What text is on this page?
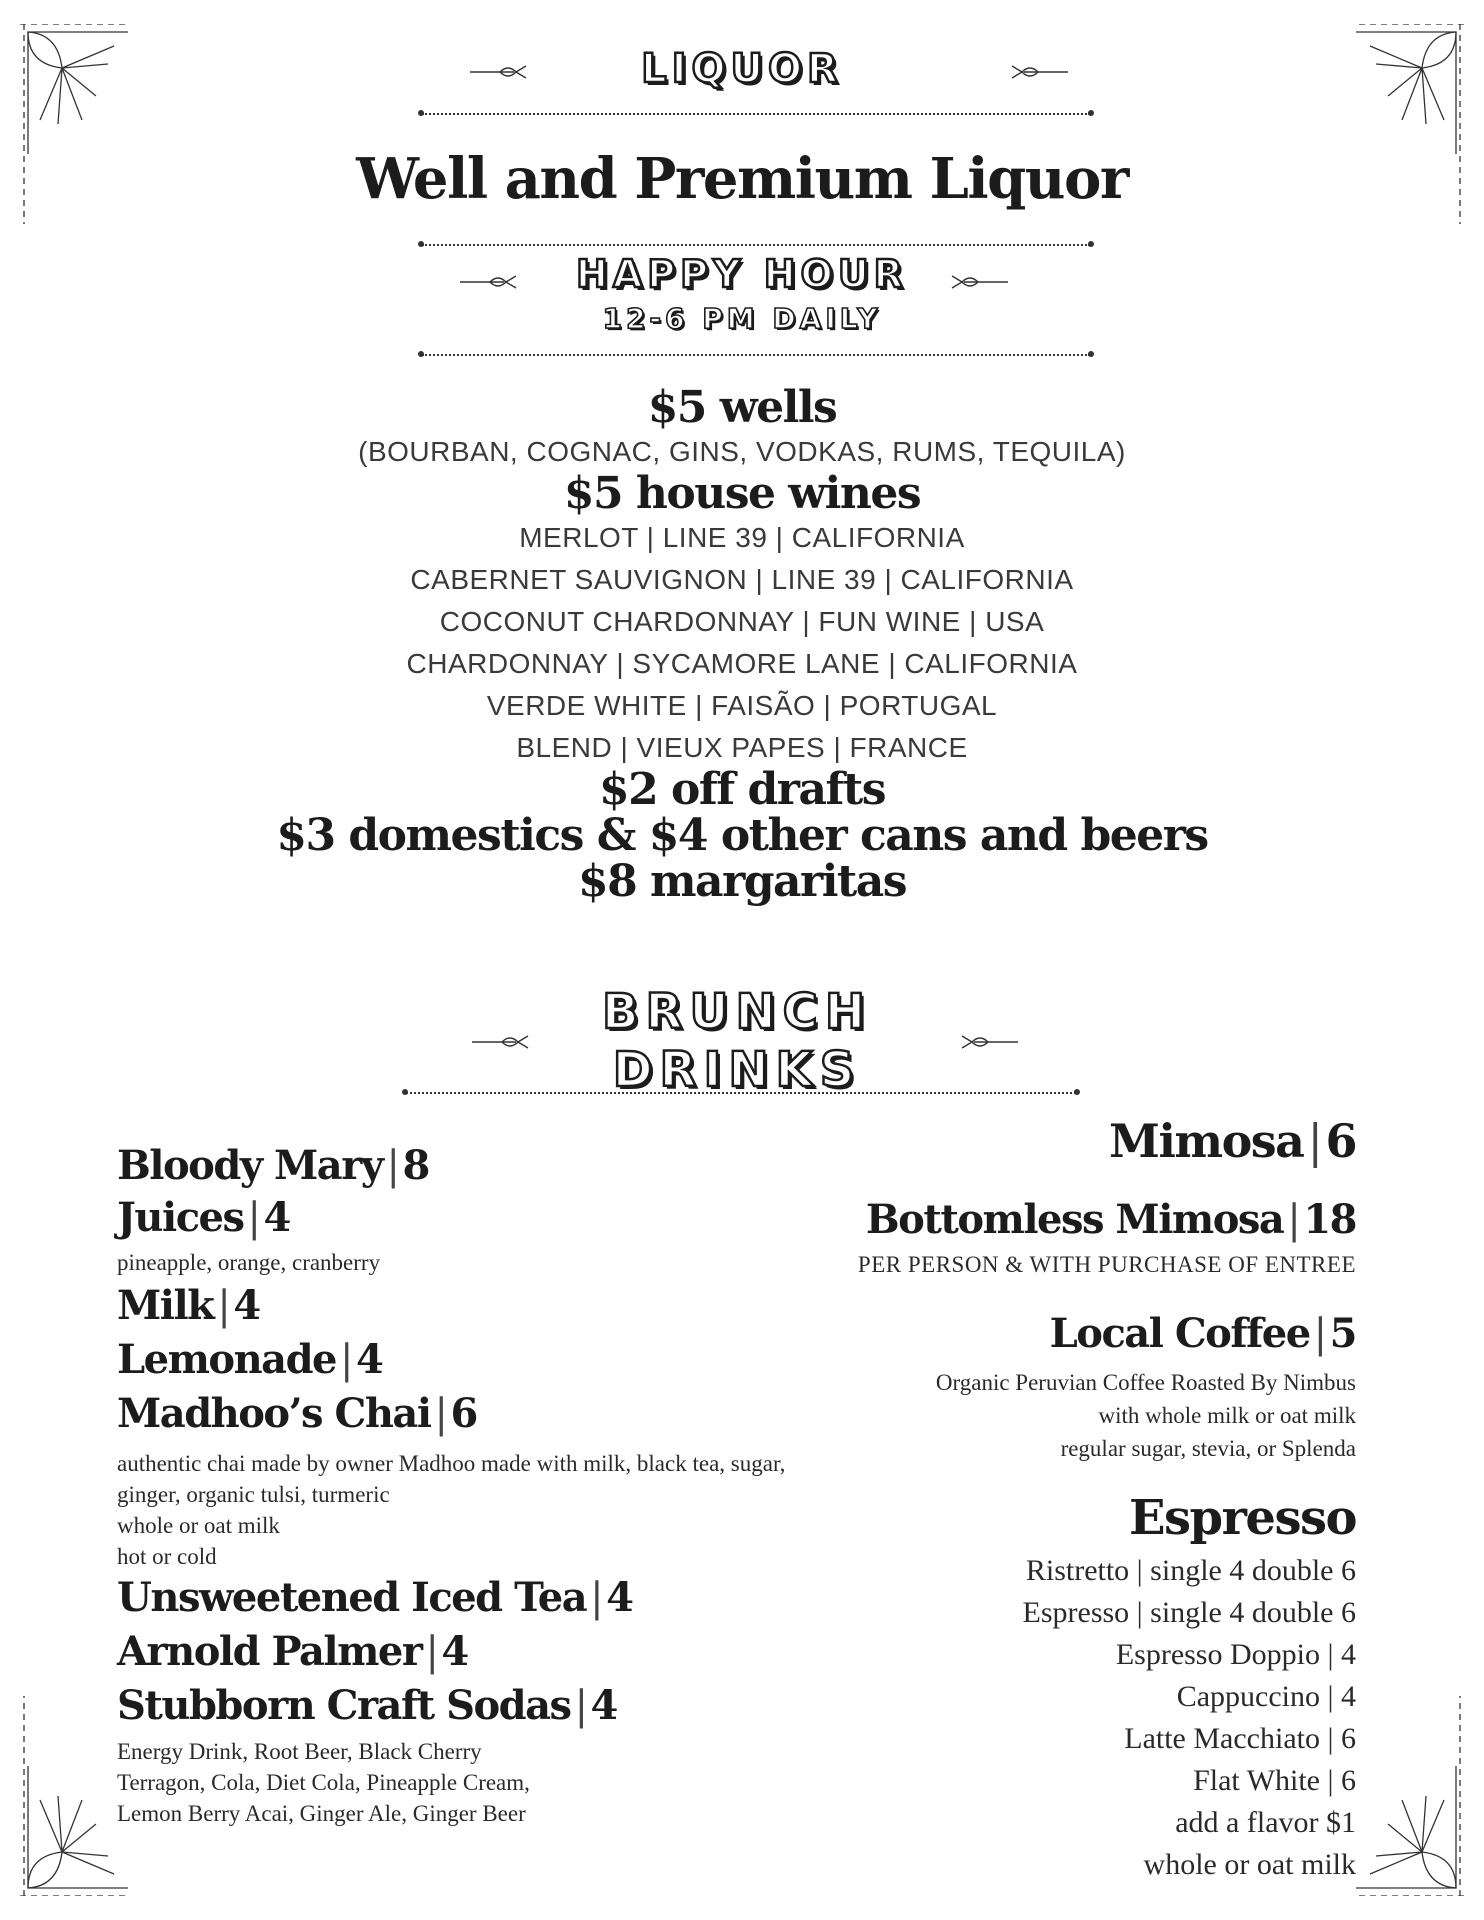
LIQUOR
Well and Premium Liquor
HAPPY HOUR
12-6 PM DAILY
$5 wells
(BOURBAN, COGNAC, GINS, VODKAS, RUMS, TEQUILA)
$5 house wines
MERLOT | LINE 39 | CALIFORNIA
CABERNET SAUVIGNON | LINE 39 | CALIFORNIA
COCONUT CHARDONNAY | FUN WINE | USA
CHARDONNAY | SYCAMORE LANE | CALIFORNIA
VERDE WHITE | FAISÃO | PORTUGAL
BLEND | VIEUX PAPES | FRANCE
$2 off drafts
$3 domestics & $4 other cans and beers
$8 margaritas
BRUNCH
DRINKS
Bloody Mary | 8
Juices | 4
pineapple, orange, cranberry
Milk | 4
Lemonade | 4
Madhoo’s Chai | 6
authentic chai made by owner Madhoo made with milk, black tea, sugar,
ginger, organic tulsi, turmeric
whole or oat milk
hot or cold
Unsweetened Iced Tea | 4
Arnold Palmer | 4
Stubborn Craft Sodas | 4
Energy Drink, Root Beer, Black Cherry
Terragon, Cola, Diet Cola, Pineapple Cream,
Lemon Berry Acai, Ginger Ale, Ginger Beer
Mimosa|6
Bottomless Mimosa | 18
PER PERSON & WITH PURCHASE OF ENTREE
Local Coffee | 5
Organic Peruvian Coffee Roasted By Nimbus
with whole milk or oat milk
regular sugar, stevia, or Splenda
Espresso
Ristretto | single 4 double 6
Espresso | single 4 double 6
Espresso Doppio | 4
Cappuccino | 4
Latte Macchiato | 6
Flat White | 6
add a flavor $1
whole or oat milk
